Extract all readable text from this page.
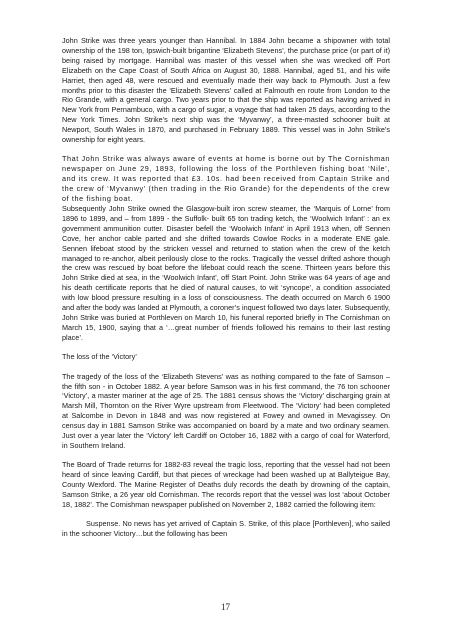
John Strike was three years younger than Hannibal. In 1884 John became a shipowner with total ownership of the 198 ton, Ipswich-built brigantine ‘Elizabeth Stevens’, the purchase price (or part of it) being raised by mortgage. Hannibal was master of this vessel when she was wrecked off Port Elizabeth on the Cape Coast of South Africa on August 30, 1888. Hannibal, aged 51, and his wife Harriet, then aged 48, were rescued and eventually made their way back to Plymouth. Just a few months prior to this disaster the ‘Elizabeth Stevens’ called at Falmouth en route from London to the Rio Grande, with a general cargo. Two years prior to that the ship was reported as having arrived in New York from Pernambuco, with a cargo of sugar, a voyage that had taken 25 days, according to the New York Times. John Strike’s next ship was the ‘Myvanwy’, a three-masted schooner built at Newport, South Wales in 1870, and purchased in February 1889. This vessel was in John Strike’s ownership for eight years.

That John Strike was always aware of events at home is borne out by The Cornishman newspaper on June 29, 1893, following the loss of the Porthleven fishing boat ‘Nile’, and its crew. It was reported that £3. 10s. had been received from Captain Strike and the crew of ‘Myvanwy’ (then trading in the Rio Grande) for the dependents of the crew of the fishing boat.

Subsequently John Strike owned the Glasgow-built iron screw steamer, the ‘Marquis of Lorne’ from 1896 to 1899, and – from 1899 - the Suffolk- built 65 ton trading ketch, the ‘Woolwich Infant’ : an ex government ammunition cutter. Disaster befell the ‘Woolwich Infant’ in April 1913 when, off Sennen Cove, her anchor cable parted and she drifted towards Cowloe Rocks in a moderate ENE gale. Sennen lifeboat stood by the stricken vessel and returned to station when the crew of the ketch managed to re-anchor, albeit perilously close to the rocks. Tragically the vessel drifted ashore though the crew was rescued by boat before the lifeboat could reach the scene. Thirteen years before this John Strike died at sea, in the ‘Woolwich Infant’, off Start Point. John Strike was 64 years of age and his death certificate reports that he died of natural causes, to wit ‘syncope’, a condition associated with low blood pressure resulting in a loss of consciousness. The death occurred on March 6 1900 and after the body was landed at Plymouth, a coroner’s inquest followed two days later. Subsequently, John Strike was buried at Porthleven on March 10, his funeral reported briefly in The Cornishman on March 15, 1900, saying that a ‘…great number of friends followed his remains to their last resting place’.

The loss of the ‘Victory’

The tragedy of the loss of the ‘Elizabeth Stevens’ was as nothing compared to the fate of Samson – the fifth son - in October 1882. A year before Samson was in his first command, the 76 ton schooner ‘Victory’, a master mariner at the age of 25. The 1881 census shows the ‘Victory’ discharging grain at Marsh Mill, Thornton on the River Wyre upstream from Fleetwood. The ‘Victory’ had been completed at Salcombe in Devon in 1848 and was now registered at Fowey and owned in Mevagissey. On census day in 1881 Samson Strike was accompanied on board by a mate and two ordinary seamen. Just over a year later the ‘Victory’ left Cardiff on October 16, 1882 with a cargo of coal for Waterford, in Southern Ireland.

The Board of Trade returns for 1882-83 reveal the tragic loss, reporting that the vessel had not been heard of since leaving Cardiff, but that pieces of wreckage had been washed up at Ballyteigue Bay, County Wexford. The Marine Register of Deaths duly records the death by drowning of the captain, Samson Strike, a 26 year old Cornishman. The records report that the vessel was lost ‘about October 18, 1882’. The Cornishman newspaper published on November 2, 1882 carried the following item:

Suspense. No news has yet arrived of Captain S. Strike, of this place [Porthleven], who sailed in the schooner Victory…but the following has been

17
